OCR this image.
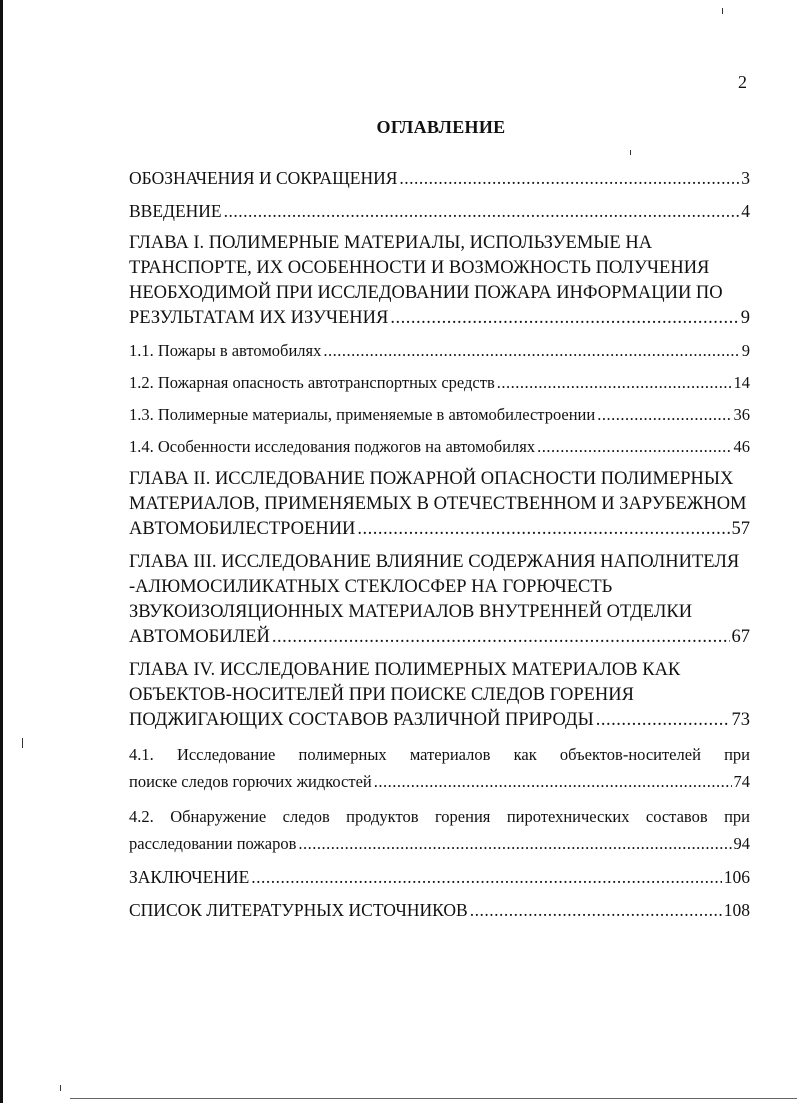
2
ОГЛАВЛЕНИЕ
ОБОЗНАЧЕНИЯ И СОКРАЩЕНИЯ .....	3
ВВЕДЕНИЕ .....	4
ГЛАВА I. ПОЛИМЕРНЫЕ МАТЕРИАЛЫ, ИСПОЛЬЗУЕМЫЕ НА
ТРАНСПОРТЕ, ИХ ОСОБЕННОСТИ И ВОЗМОЖНОСТЬ ПОЛУЧЕНИЯ
НЕОБХОДИМОЙ ПРИ ИССЛЕДОВАНИИ ПОЖАРА ИНФОРМАЦИИ ПО
РЕЗУЛЬТАТАМ ИХ ИЗУЧЕНИЯ .....	9
1.1. Пожары в автомобилях .....	9
1.2. Пожарная опасность автотранспортных средств .....	14
1.3. Полимерные материалы, применяемые в автомобилестроении .....	36
1.4. Особенности исследования поджогов на автомобилях .....	46
ГЛАВА II. ИССЛЕДОВАНИЕ ПОЖАРНОЙ ОПАСНОСТИ ПОЛИМЕРНЫХ
МАТЕРИАЛОВ, ПРИМЕНЯЕМЫХ В ОТЕЧЕСТВЕННОМ И ЗАРУБЕЖНОМ
АВТОМОБИЛЕСТРОЕНИИ .....	57
ГЛАВА III. ИССЛЕДОВАНИЕ ВЛИЯНИЕ СОДЕРЖАНИЯ НАПОЛНИТЕЛЯ
-АЛЮМОСИЛИКАТНЫХ СТЕКЛОСФЕР НА ГОРЮЧЕСТЬ
ЗВУКОИЗОЛЯЦИОННЫХ МАТЕРИАЛОВ ВНУТРЕННЕЙ ОТДЕЛКИ
АВТОМОБИЛЕЙ .....	67
ГЛАВА IV. ИССЛЕДОВАНИЕ ПОЛИМЕРНЫХ МАТЕРИАЛОВ КАК
ОБЪЕКТОВ-НОСИТЕЛЕЙ ПРИ ПОИСКЕ СЛЕДОВ ГОРЕНИЯ
ПОДЖИГАЮЩИХ СОСТАВОВ РАЗЛИЧНОЙ ПРИРОДЫ .....	73
4.1. Исследование полимерных материалов как объектов-носителей при
поиске следов горючих жидкостей .....	74
4.2. Обнаружение следов продуктов горения пиротехнических составов при
расследовании пожаров .....	94
ЗАКЛЮЧЕНИЕ .....	106
СПИСОК ЛИТЕРАТУРНЫХ ИСТОЧНИКОВ .....	108
